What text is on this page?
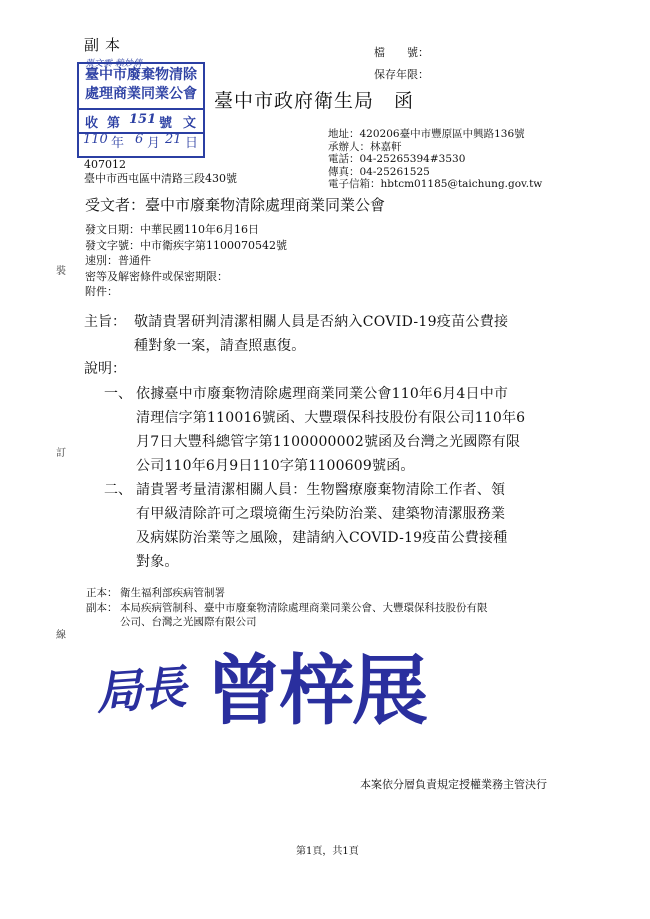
副本	檔　　號：
保存年限：
張文雲 賴妙倩
臺中市廢棄物清除
處理商業同業公會
收 第 151 號 文
110 年 6 月 21 日
臺中市政府衛生局　函
地址：420206臺中市豐原區中興路136號
承辦人：林嘉軒
電話：04-25265394#3530
傳真：04-25261525
電子信箱：hbtcm01185@taichung.gov.tw
407012
臺中市西屯區中清路三段430號
受文者：臺中市廢棄物清除處理商業同業公會
發文日期：中華民國110年6月16日
發文字號：中市衛疾字第1100070542號
速別：普通件
密等及解密條件或保密期限：
附件：
裝
訂
線
主旨： 敬請貴署研判清潔相關人員是否納入COVID-19疫苗公費接
種對象一案，請查照惠復。
說明：
一、 依據臺中市廢棄物清除處理商業同業公會110年6月4日中市
清理信字第110016號函、大豐環保科技股份有限公司110年6
月7日大豐科總管字第1100000002號函及台灣之光國際有限
公司110年6月9日110字第1100609號函。
二、 請貴署考量清潔相關人員：生物醫療廢棄物清除工作者、領
有甲級清除許可之環境衛生污染防治業、建築物清潔服務業
及病媒防治業等之風險，建請納入COVID-19疫苗公費接種
對象。
正本： 衛生福利部疾病管制署
副本： 本局疾病管制科、臺中市廢棄物清除處理商業同業公會、大豐環保科技股份有限
公司、台灣之光國際有限公司
局長 曾梓展
本案依分層負責規定授權業務主管決行
第1頁，共1頁
